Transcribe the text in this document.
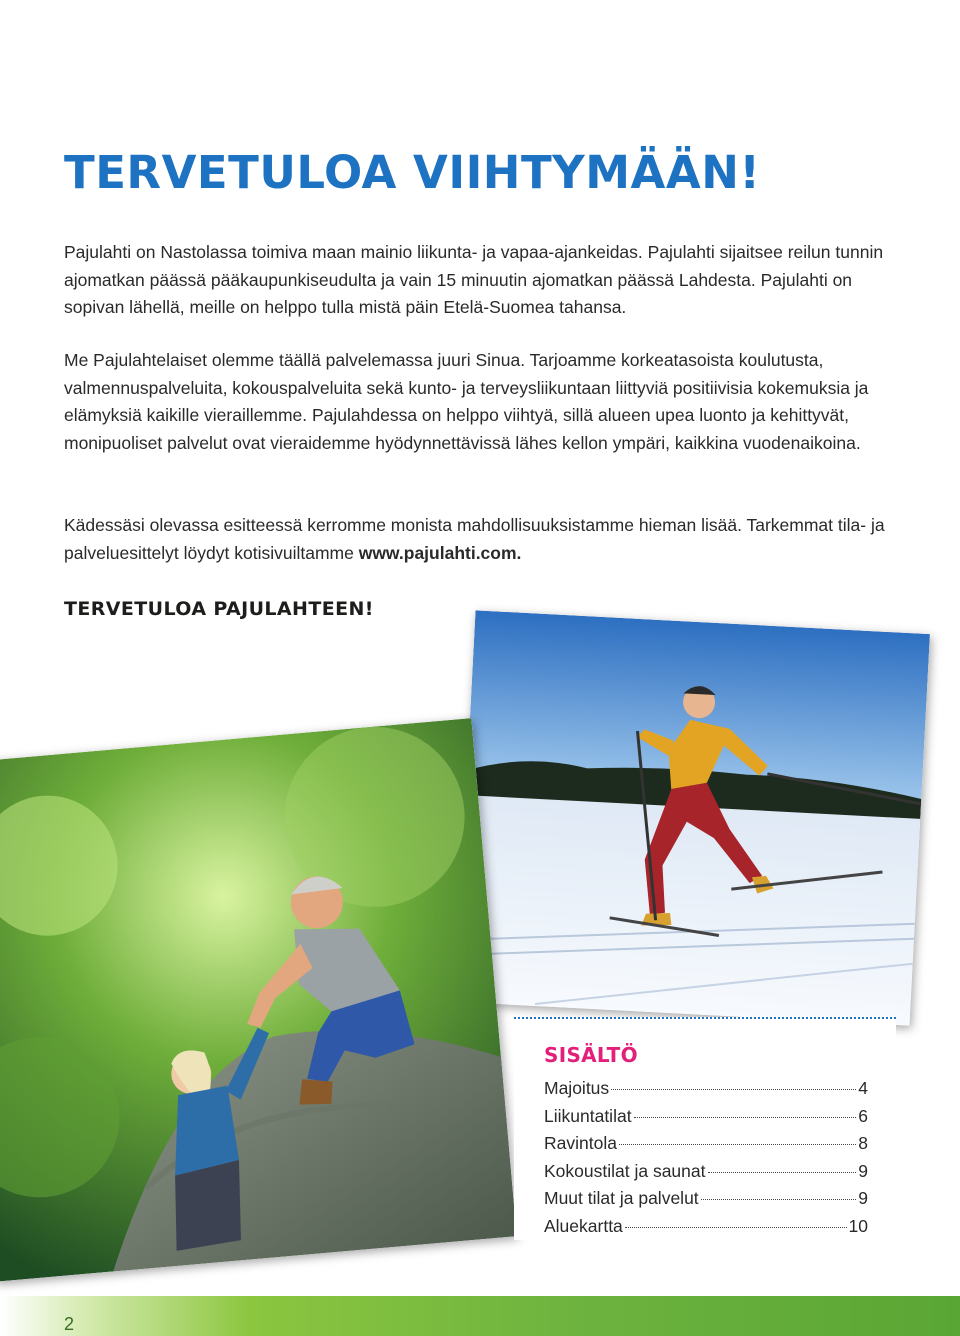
TERVETULOA VIIHTYMÄÄN!

Pajulahti on Nastolassa toimiva maan mainio liikunta- ja vapaa-ajankeidas. Pajulahti sijaitsee reilun tunnin ajomatkan päässä pääkaupunkiseudulta ja vain 15 minuutin ajomatkan päässä Lahdesta. Pajulahti on sopivan lähellä, meille on helppo tulla mistä päin Etelä-Suomea tahansa.

Me Pajulahtelaiset olemme täällä palvelemassa juuri Sinua. Tarjoamme korkeatasoista koulutusta, valmennuspalveluita, kokouspalveluita sekä kunto- ja terveysliikuntaan liittyviä positiivisia kokemuksia ja elämyksiä kaikille vieraillemme. Pajulahdessa on helppo viihtyä, sillä alueen upea luonto ja kehittyvät, monipuoliset palvelut ovat vieraidemme hyödynnettävissä lähes kellon ympäri, kaikkina vuodenaikoina.

Kädessäsi olevassa esitteessä kerromme monista mahdollisuuksistamme hieman lisää. Tarkemmat tila- ja palveluesittelyt löydyt kotisivuiltamme www.pajulahti.com.

TERVETULOA PAJULAHTEEN!
SISÄLTÖ
Majoitus	4
Liikuntatilat	6
Ravintola	8
Kokoustilat ja saunat	9
Muut tilat ja palvelut	9
Aluekartta	10
2
